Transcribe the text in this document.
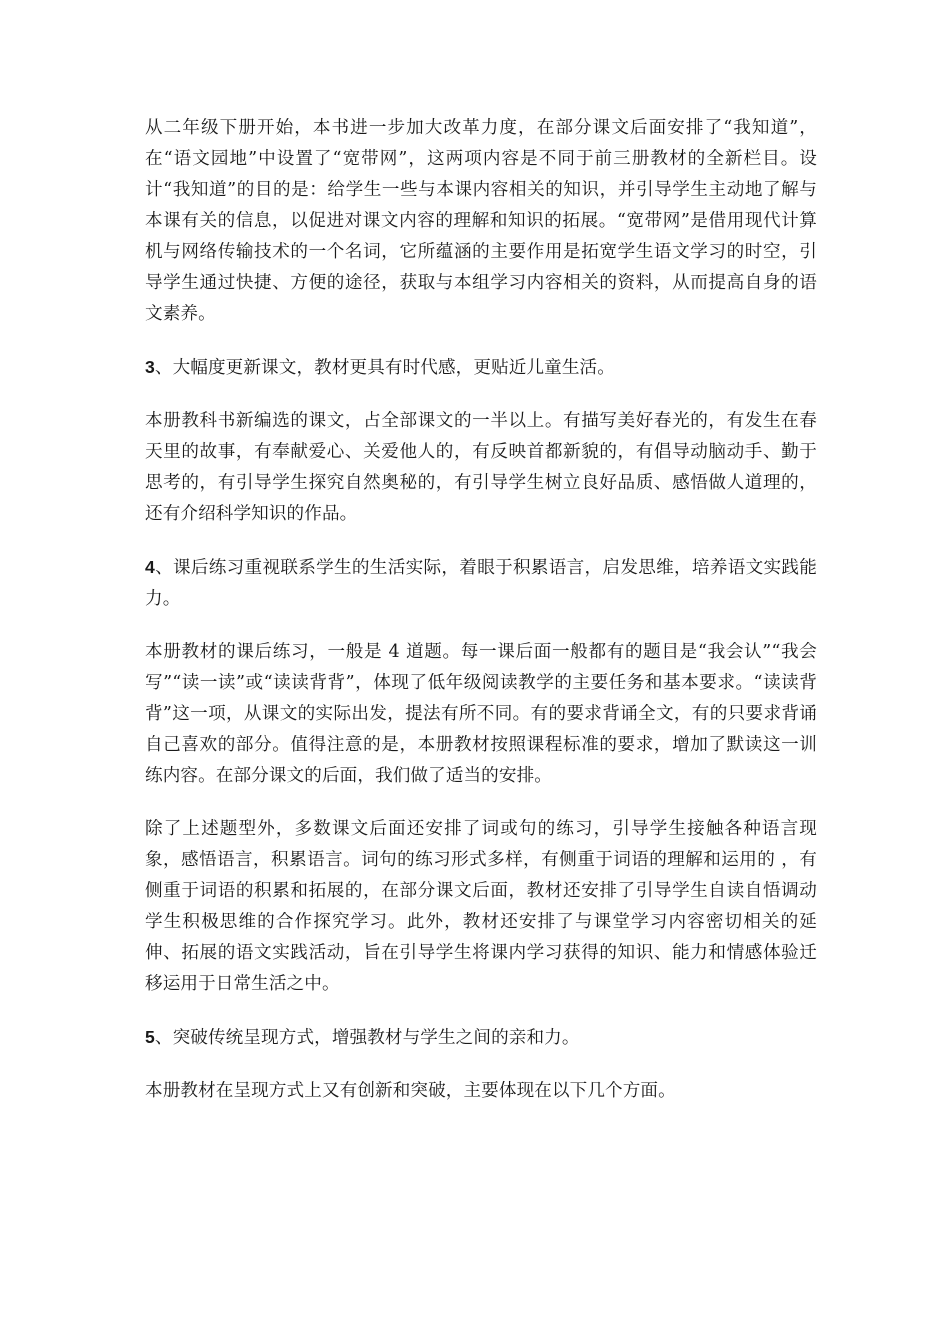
从二年级下册开始，本书进一步加大改革力度，在部分课文后面安排了“我知道”，在“语文园地”中设置了“宽带网”，这两项内容是不同于前三册教材的全新栏目。设计“我知道”的目的是：给学生一些与本课内容相关的知识，并引导学生主动地了解与本课有关的信息，以促进对课文内容的理解和知识的拓展。“宽带网”是借用现代计算机与网络传输技术的一个名词，它所蕴涵的主要作用是拓宽学生语文学习的时空，引导学生通过快捷、方便的途径，获取与本组学习内容相关的资料，从而提高自身的语文素养。

3、大幅度更新课文，教材更具有时代感，更贴近儿童生活。

本册教科书新编选的课文，占全部课文的一半以上。有描写美好春光的，有发生在春天里的故事，有奉献爱心、关爱他人的，有反映首都新貌的，有倡导动脑动手、勤于思考的，有引导学生探究自然奥秘的，有引导学生树立良好品质、感悟做人道理的，还有介绍科学知识的作品。

4、课后练习重视联系学生的生活实际，着眼于积累语言，启发思维，培养语文实践能力。

本册教材的课后练习，一般是 4 道题。每一课后面一般都有的题目是“我会认”“我会写”“读一读”或“读读背背”，体现了低年级阅读教学的主要任务和基本要求。“读读背背”这一项，从课文的实际出发，提法有所不同。有的要求背诵全文，有的只要求背诵自己喜欢的部分。值得注意的是，本册教材按照课程标准的要求，增加了默读这一训练内容。在部分课文的后面，我们做了适当的安排。

除了上述题型外，多数课文后面还安排了词或句的练习，引导学生接触各种语言现象，感悟语言，积累语言。词句的练习形式多样，有侧重于词语的理解和运用的 ，有侧重于词语的积累和拓展的，在部分课文后面，教材还安排了引导学生自读自悟调动学生积极思维的合作探究学习。此外，教材还安排了与课堂学习内容密切相关的延伸、拓展的语文实践活动，旨在引导学生将课内学习获得的知识、能力和情感体验迁移运用于日常生活之中。

5、突破传统呈现方式，增强教材与学生之间的亲和力。

本册教材在呈现方式上又有创新和突破，主要体现在以下几个方面。
